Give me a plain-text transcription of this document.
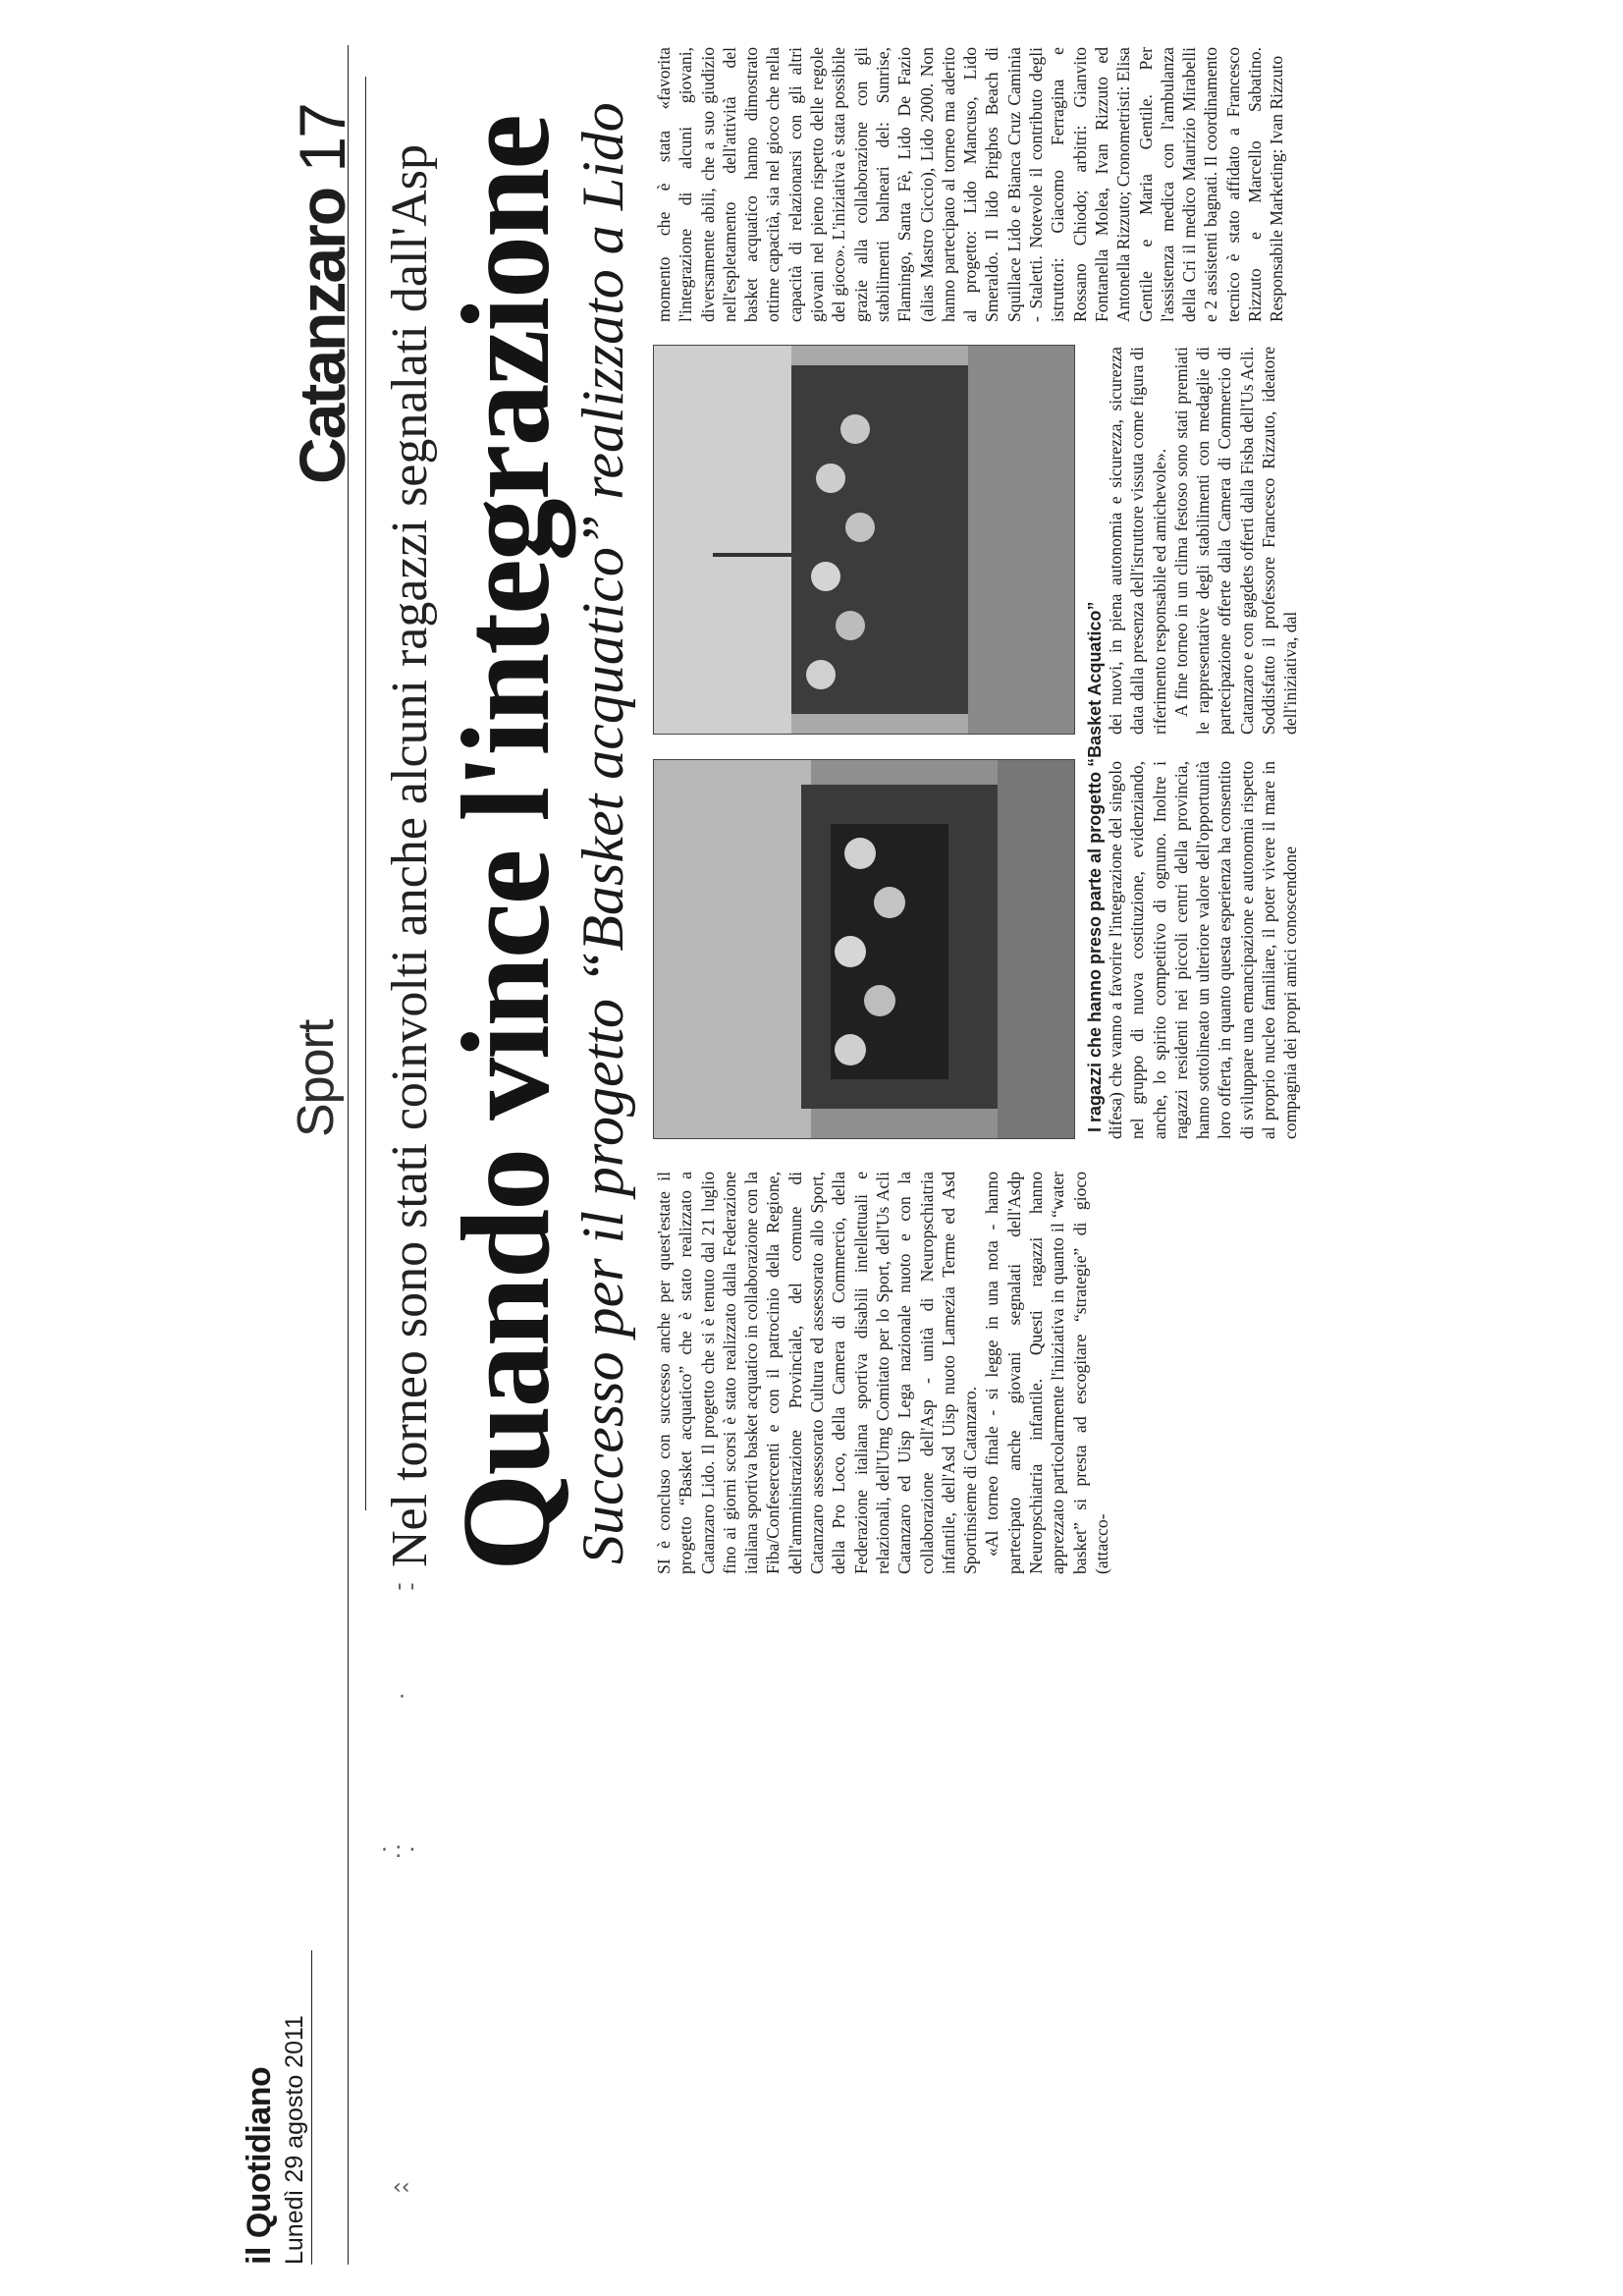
· : ·
·
' '
‹‹
il Quotidiano Lunedì 29 agosto 2011
Sport
Catanzaro 17
Nel torneo sono stati coinvolti anche alcuni ragazzi segnalati dall'Asp
Quando vince l'integrazione
Successo per il progetto “Basket acquatico” realizzato a Lido SI è concluso con successo anche per quest'estate il progetto “Basket acquatico” che è stato realizzato a Catanzaro Lido. Il progetto che si è tenuto dal 21 luglio fino ai giorni scorsi è stato realizzato dalla Federazione italiana sportiva basket acquatico in collaborazione con la Fiba/Confesercenti e con il patrocinio della Regione, dell'amministrazione Provinciale, del comune di Catanzaro assessorato Cultura ed assessorato allo Sport, della Pro Loco, della Camera di Commercio, della Federazione italiana sportiva disabili intellettuali e relazionali, dell'Umg Comitato per lo Sport, dell'Us Acli Catanzaro ed Uisp Lega nazionale nuoto e con la collaborazione dell'Asp - unità di Neuropschiatria infantile, dell'Asd Uisp nuoto Lamezia Terme ed Asd Sportinsieme di Catanzaro. «Al torneo finale - si legge in una nota - hanno partecipato anche giovani segnalati dell'Asdp Neuropschiatria infantile. Questi ragazzi hanno apprezzato particolarmente l'iniziativa in quanto il “water basket” si presta ad escogitare “strategie” di gioco (attacco-

I ragazzi che hanno preso parte al progetto “Basket Acquatico” difesa) che vanno a favorire l'integrazione del singolo nel gruppo di nuova costituzione, evidenziando, anche, lo spirito competitivo di ognuno. Inoltre i ragazzi residenti nei piccoli centri della provincia, hanno sottolineato un ulteriore valore dell'opportunità loro offerta, in quanto questa esperienza ha consentito di sviluppare una emancipazione e autonomia rispetto al proprio nucleo familiare, il poter vivere il mare in compagnia dei propri amici conoscendone

dei nuovi, in piena autonomia e sicurezza, sicurezza data dalla presenza dell'istruttore vissuta come figura di riferimento responsabile ed amichevole». A fine torneo in un clima festoso sono stati premiati le rappresentative degli stabilimenti con medaglie di partecipazione offerte dalla Camera di Commercio di Catanzaro e con gagdets offerti dalla Fisba dell'Us Acli. Soddisfatto il professore Francesco Rizzuto, ideatore dell'iniziativa, dal

momento che è stata «favorita l'integrazione di alcuni giovani, diversamente abili, che a suo giudizio nell'espletamento dell'attività del basket acquatico hanno dimostrato ottime capacità, sia nel gioco che nella capacità di relazionarsi con gli altri giovani nel pieno rispetto delle regole del gioco». L'iniziativa è stata possibile grazie alla collaborazione con gli stabilimenti balneari del: Sunrise, Flamingo, Santa Fè, Lido De Fazio (alias Mastro Ciccio), Lido 2000. Non hanno partecipato al torneo ma aderito al progetto: Lido Mancuso, Lido Smeraldo. Il lido Pirghos Beach di Squillace Lido e Bianca Cruz Caminia - Staletti. Notevole il contributo degli istruttori: Giacomo Ferragina e Rossano Chiodo; arbitri: Gianvito Fontanella Molea, Ivan Rizzuto ed Antonella Rizzuto; Cronometristi: Elisa Gentile e Maria Gentile. Per l'assistenza medica con l'ambulanza della Cri il medico Maurizio Mirabelli e 2 assistenti bagnati. Il coordinamento tecnico è stato affidato a Francesco Rizzuto e Marcello Sabatino. Responsabile Marketing: Ivan Rizzuto
